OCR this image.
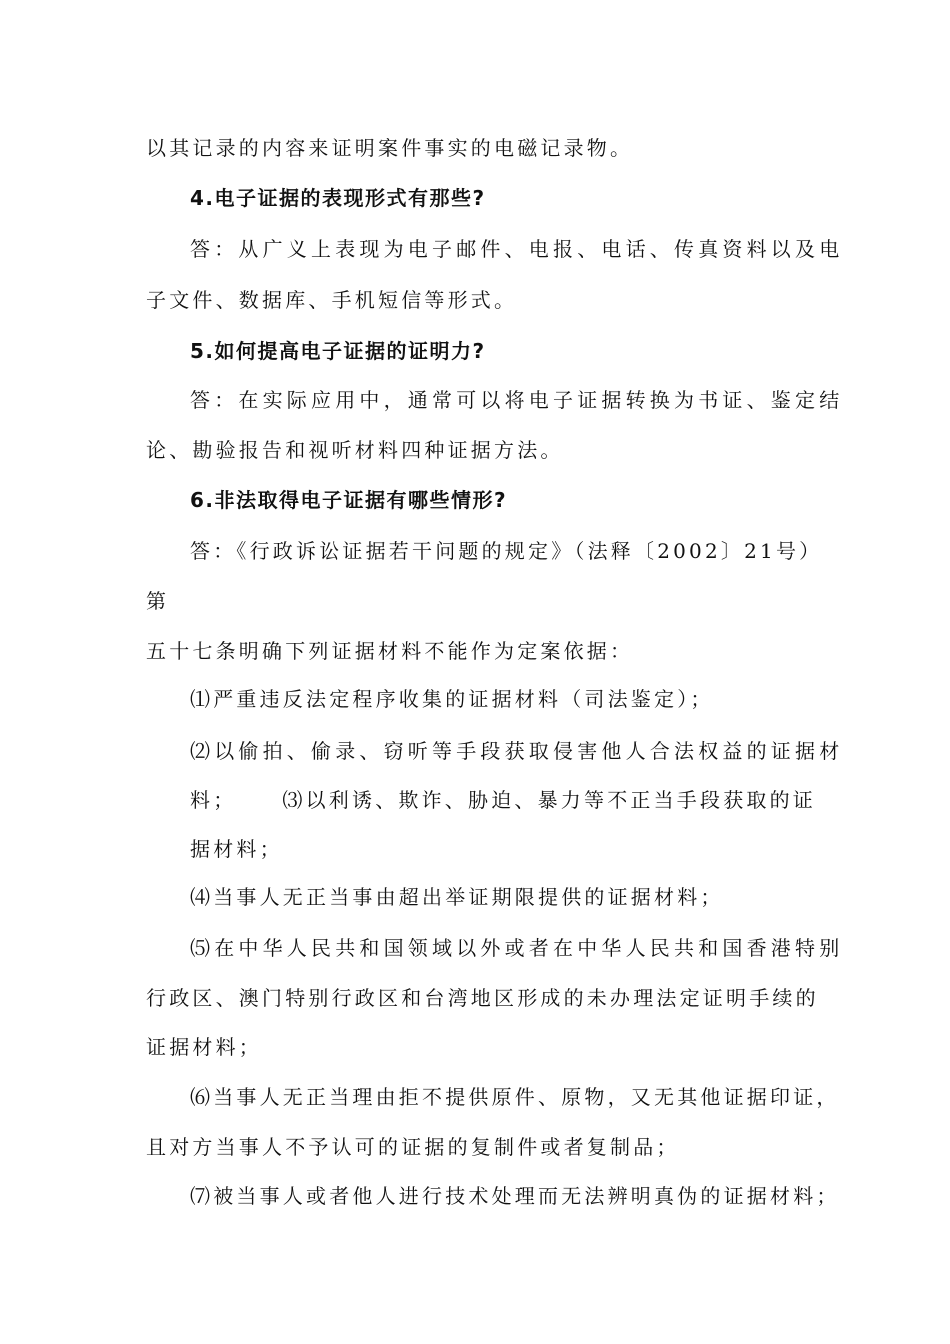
以其记录的内容来证明案件事实的电磁记录物。
4.电子证据的表现形式有那些?
答：从广义上表现为电子邮件、电报、电话、传真资料以及电
子文件、数据库、手机短信等形式。
5.如何提高电子证据的证明力?
答：在实际应用中，通常可以将电子证据转换为书证、鉴定结
论、勘验报告和视听材料四种证据方法。
6.非法取得电子证据有哪些情形?
答：《行政诉讼证据若干问题的规定》（法释〔2002〕21号）
第
五十七条明确下列证据材料不能作为定案依据：
⑴严重违反法定程序收集的证据材料（司法鉴定）；
⑵以偷拍、偷录、窃听等手段获取侵害他人合法权益的证据材
料； ⑶以利诱、欺诈、胁迫、暴力等不正当手段获取的证
据材料；
⑷当事人无正当事由超出举证期限提供的证据材料；
⑸在中华人民共和国领域以外或者在中华人民共和国香港特别
行政区、澳门特别行政区和台湾地区形成的未办理法定证明手续的
证据材料；
⑹当事人无正当理由拒不提供原件、原物，又无其他证据印证，
且对方当事人不予认可的证据的复制件或者复制品；
⑺被当事人或者他人进行技术处理而无法辨明真伪的证据材料；
